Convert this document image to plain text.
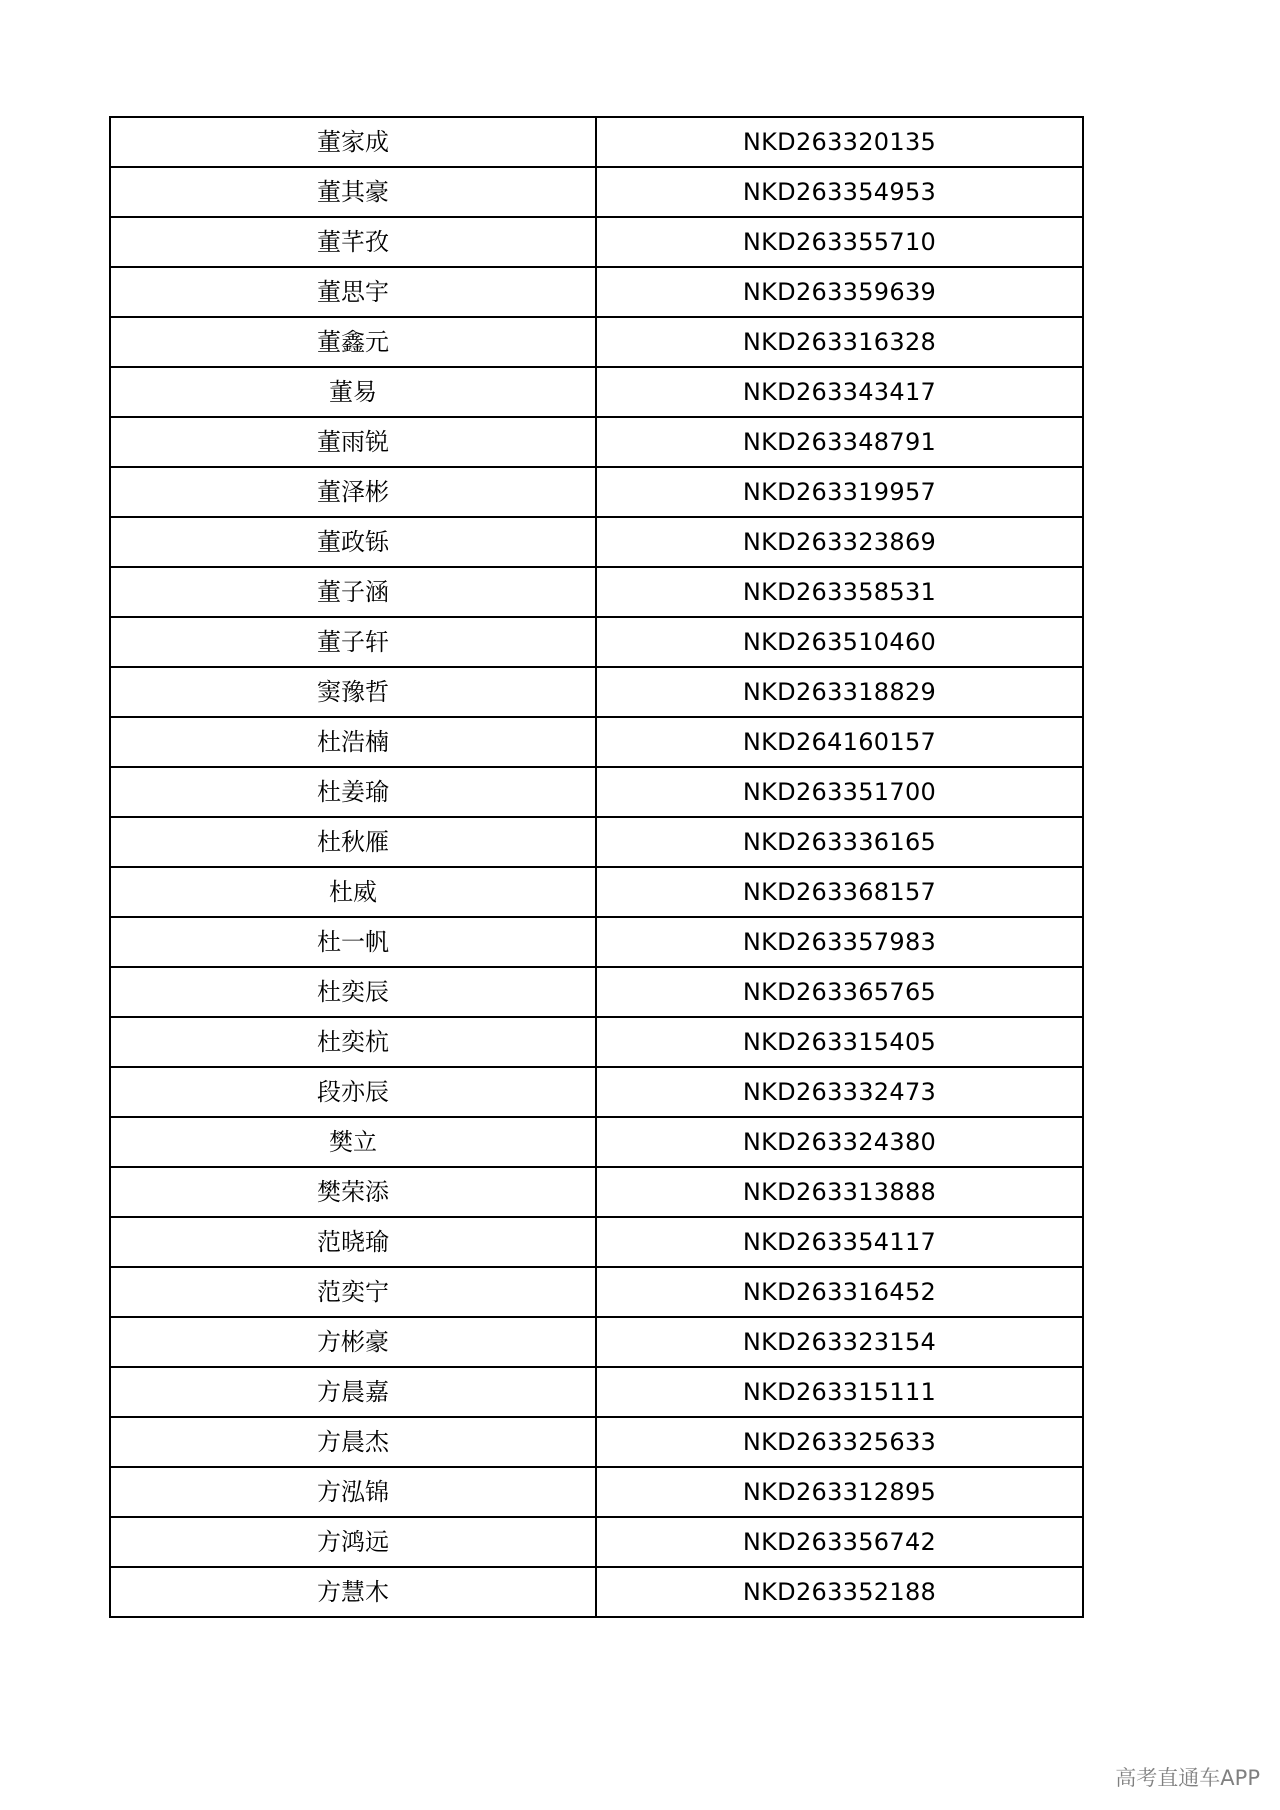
董家成	NKD263320135
董其豪	NKD263354953
董芊孜	NKD263355710
董思宇	NKD263359639
董鑫元	NKD263316328
董易	NKD263343417
董雨锐	NKD263348791
董泽彬	NKD263319957
董政铄	NKD263323869
董子涵	NKD263358531
董子轩	NKD263510460
窦豫哲	NKD263318829
杜浩楠	NKD264160157
杜姜瑜	NKD263351700
杜秋雁	NKD263336165
杜威	NKD263368157
杜一帆	NKD263357983
杜奕辰	NKD263365765
杜奕杭	NKD263315405
段亦辰	NKD263332473
樊立	NKD263324380
樊荣添	NKD263313888
范晓瑜	NKD263354117
范奕宁	NKD263316452
方彬豪	NKD263323154
方晨嘉	NKD263315111
方晨杰	NKD263325633
方泓锦	NKD263312895
方鸿远	NKD263356742
方慧木	NKD263352188
高考直通车APP
